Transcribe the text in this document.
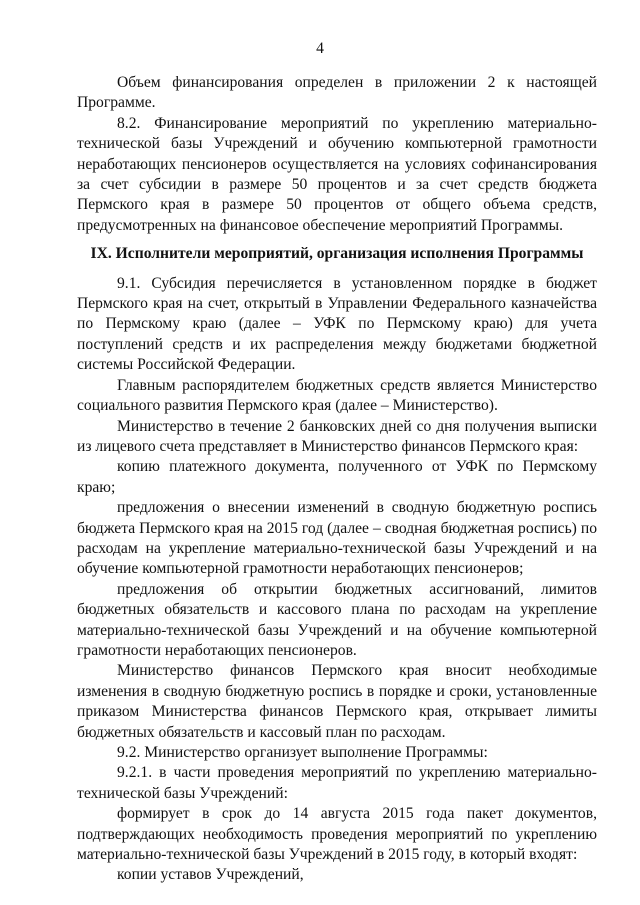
4

Объем финансирования определен в приложении 2 к настоящей Программе.

8.2. Финансирование мероприятий по укреплению материально-технической базы Учреждений и обучению компьютерной грамотности неработающих пенсионеров осуществляется на условиях софинансирования за счет субсидии в размере 50 процентов и за счет средств бюджета Пермского края в размере 50 процентов от общего объема средств, предусмотренных на финансовое обеспечение мероприятий Программы.

IX. Исполнители мероприятий, организация исполнения Программы

9.1. Субсидия перечисляется в установленном порядке в бюджет Пермского края на счет, открытый в Управлении Федерального казначейства по Пермскому краю (далее – УФК по Пермскому краю) для учета поступлений средств и их распределения между бюджетами бюджетной системы Российской Федерации.

Главным распорядителем бюджетных средств является Министерство социального развития Пермского края (далее – Министерство).

Министерство в течение 2 банковских дней со дня получения выписки из лицевого счета представляет в Министерство финансов Пермского края:

копию платежного документа, полученного от УФК по Пермскому краю;

предложения о внесении изменений в сводную бюджетную роспись бюджета Пермского края на 2015 год (далее – сводная бюджетная роспись) по расходам на укрепление материально-технической базы Учреждений и на обучение компьютерной грамотности неработающих пенсионеров;

предложения об открытии бюджетных ассигнований, лимитов бюджетных обязательств и кассового плана по расходам на укрепление материально-технической базы Учреждений и на обучение компьютерной грамотности неработающих пенсионеров.

Министерство финансов Пермского края вносит необходимые изменения в сводную бюджетную роспись в порядке и сроки, установленные приказом Министерства финансов Пермского края, открывает лимиты бюджетных обязательств и кассовый план по расходам.

9.2. Министерство организует выполнение Программы:

9.2.1. в части проведения мероприятий по укреплению материально-технической базы Учреждений:

формирует в срок до 14 августа 2015 года пакет документов, подтверждающих необходимость проведения мероприятий по укреплению материально-технической базы Учреждений в 2015 году, в который входят:

копии уставов Учреждений,
